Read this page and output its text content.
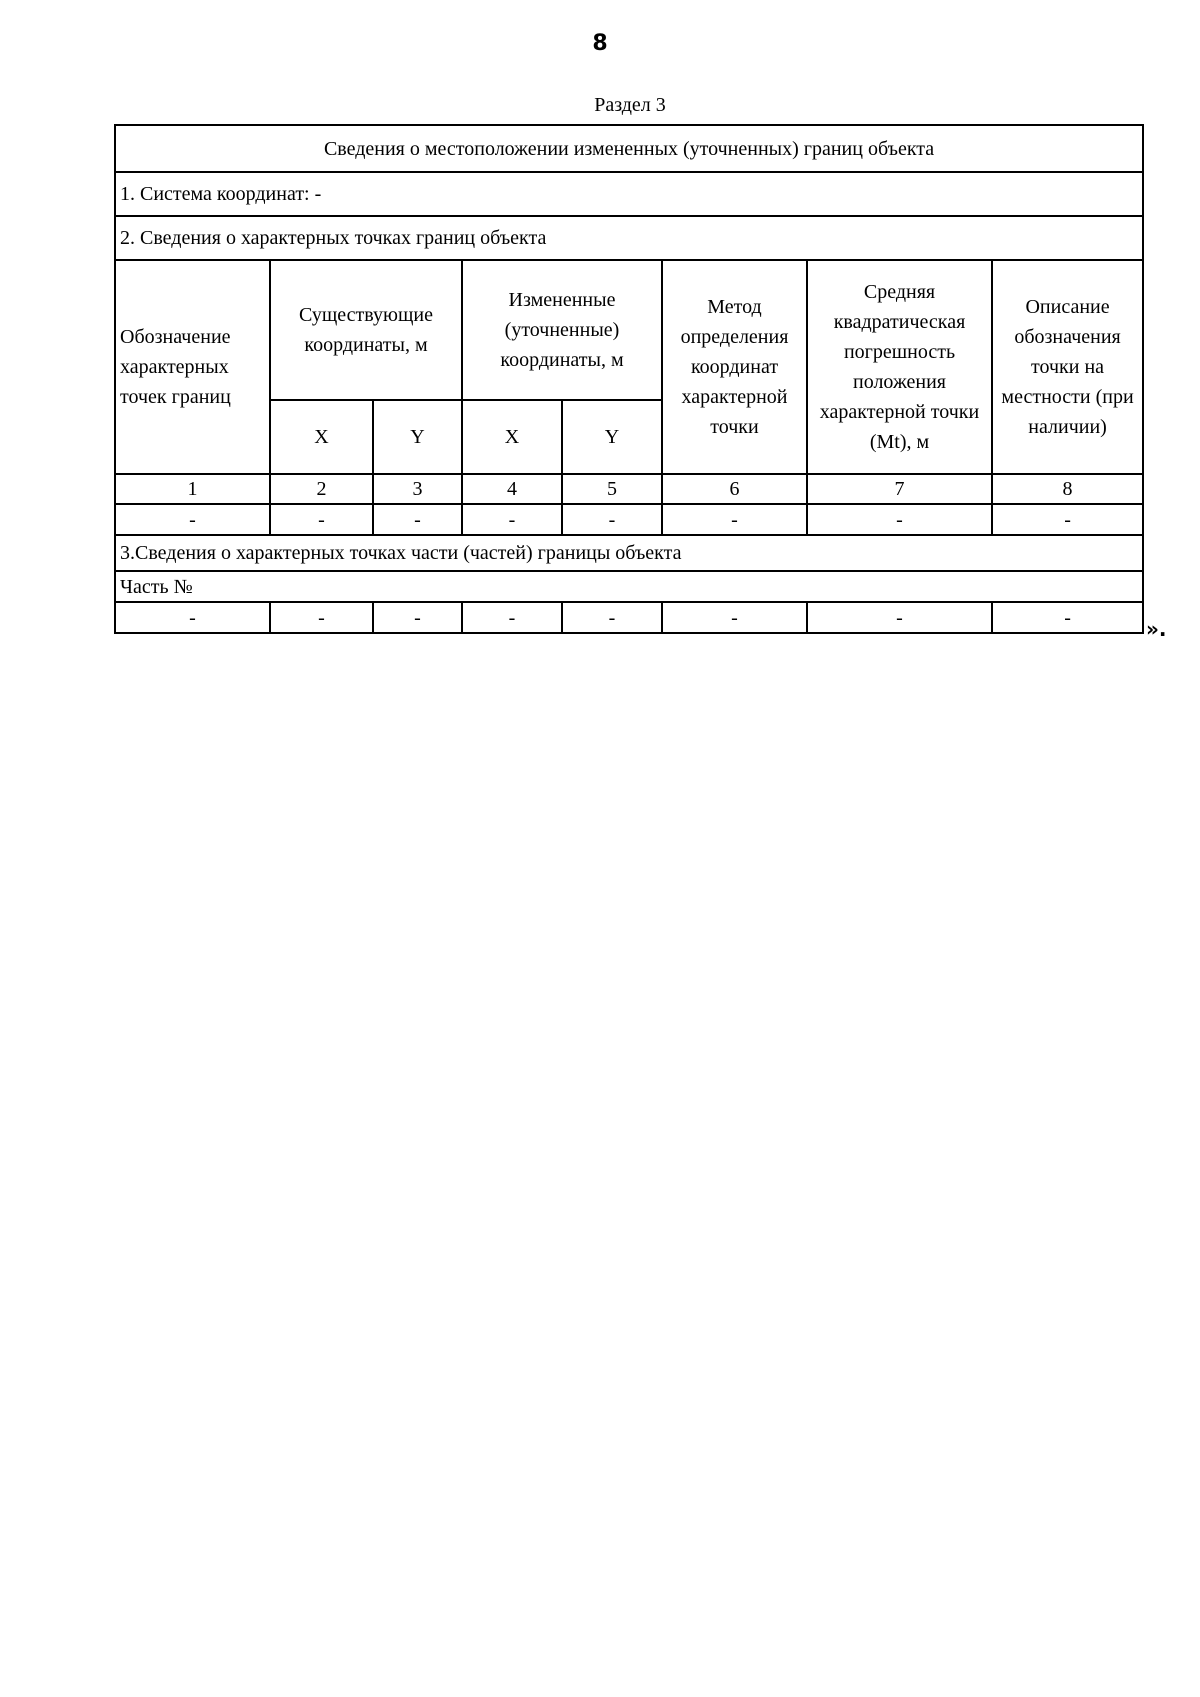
8
Раздел 3
Сведения о местоположении измененных (уточненных) границ объекта							
1. Система координат: -							
2. Сведения о характерных точках границ объекта							
Обозначение характерных точек границ	Существующие координаты, м		Измененные (уточненные) координаты, м		Метод определения координат характерной точки	Средняя квадратическая погрешность положения характерной точки (Mt), м	Описание обозначения точки на местности (при наличии)
	X	Y	X	Y			
1	2	3	4	5	6	7	8
-	-	-	-	-	-	-	-
3.Сведения о характерных точках части (частей) границы объекта							
Часть №							
-	-	-	-	-	-	-	-	».
